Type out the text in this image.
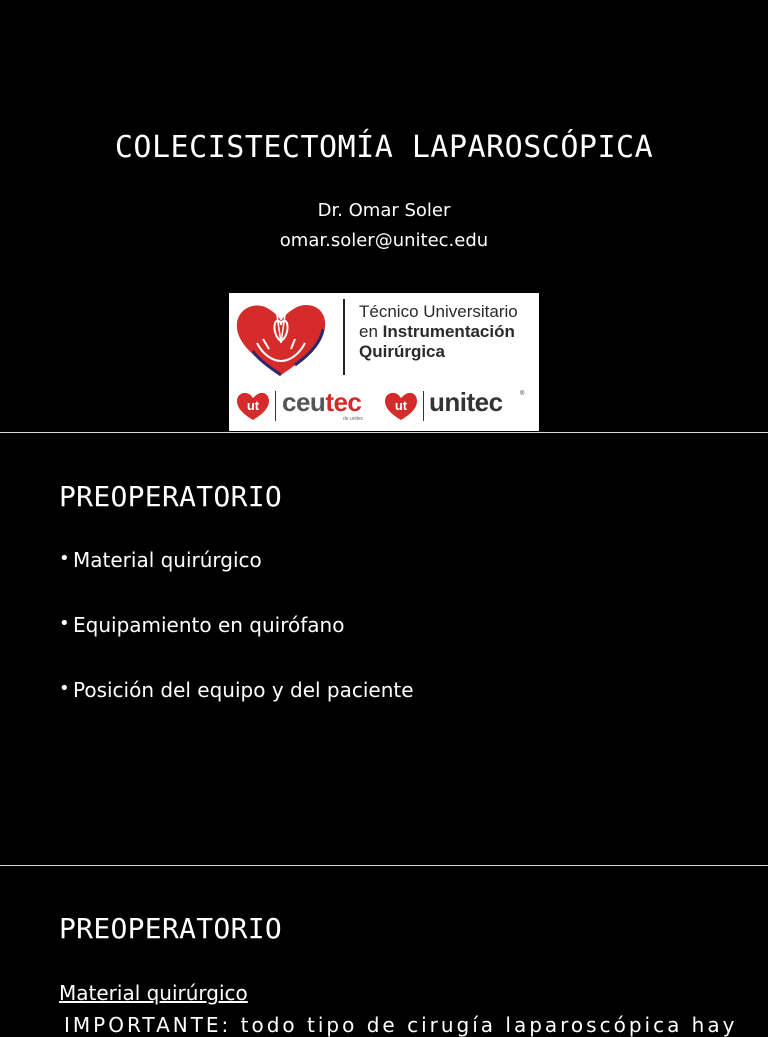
COLECISTECTOMÍA LAPAROSCÓPICA
Dr. Omar Soler
omar.soler@unitec.edu
Técnico Universitario
en Instrumentación
Quirúrgica
ut ceutec
de unitec
ut unitec	®
PREOPERATORIO
• Material quirúrgico
• Equipamiento en quirófano
• Posición del equipo y del paciente
PREOPERATORIO
Material quirúrgico
IMPORTANTE: todo tipo de cirugía laparoscópica hay
